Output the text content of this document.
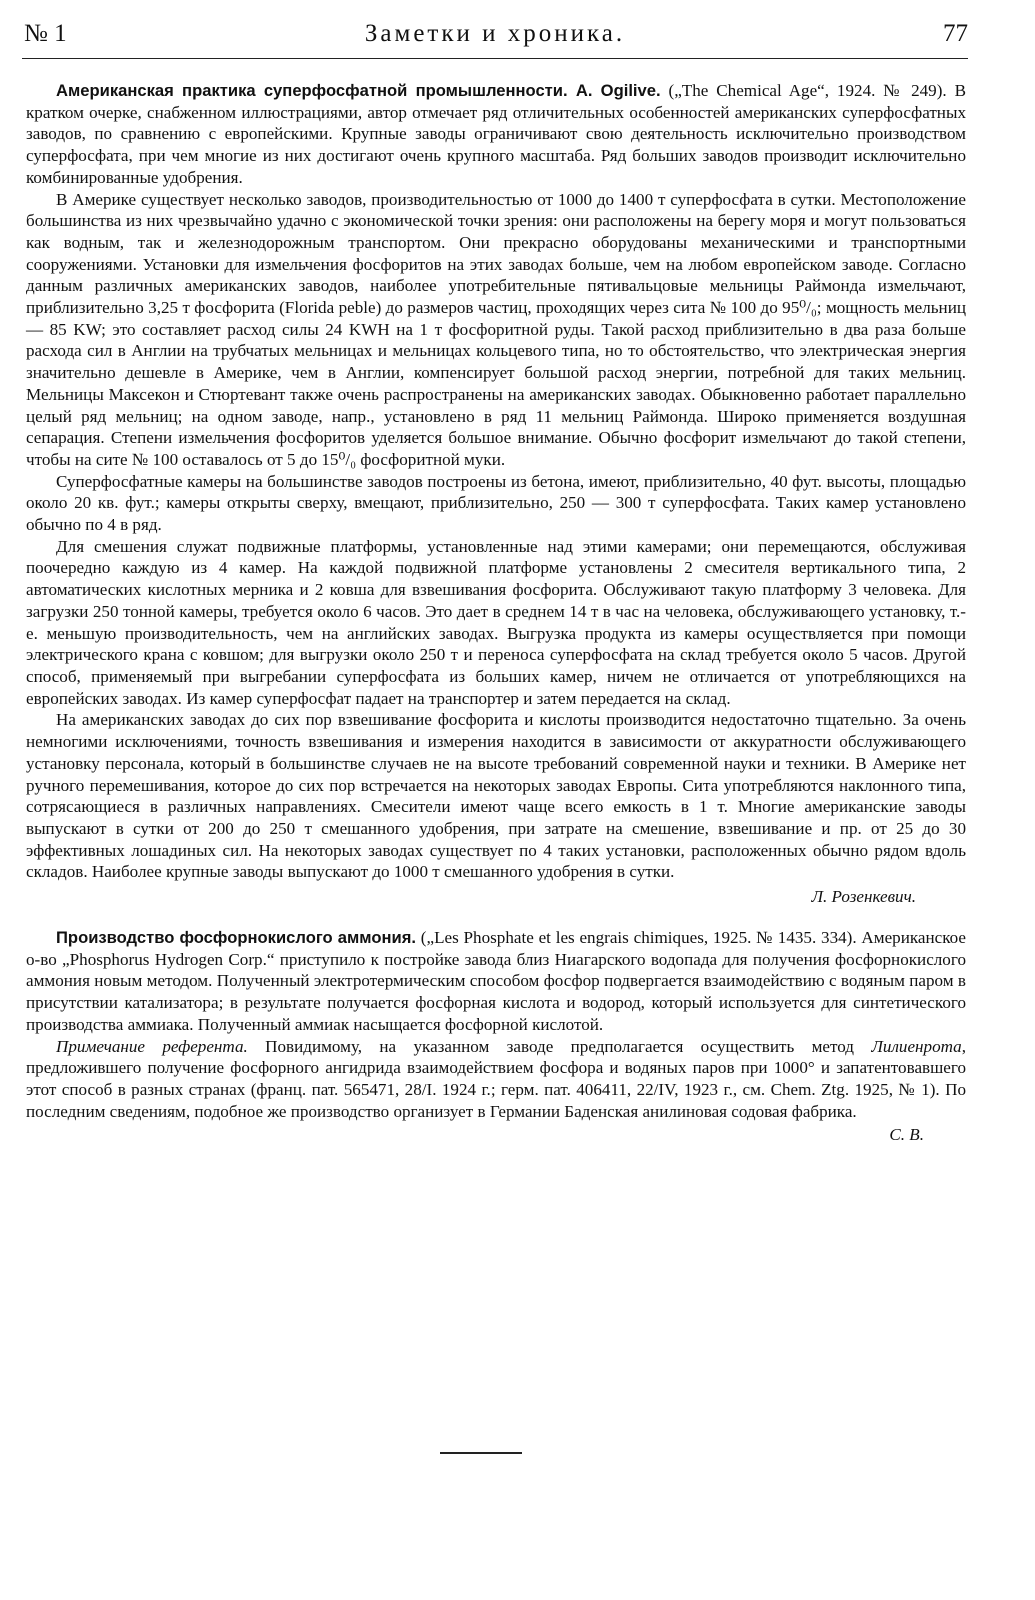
№ 1	Заметки и хроника.	77

Американская практика суперфосфатной промышленности. A. Ogilive. („The Chemical Age“, 1924. № 249). В кратком очерке, снабженном иллюстрациями, автор отмечает ряд отличительных особенностей американских суперфосфатных заводов, по сравнению с европейскими. Крупные заводы ограничивают свою деятельность исключительно производством суперфосфата, при чем многие из них достигают очень крупного масштаба. Ряд больших заводов производит исключительно комбинированные удобрения.

В Америке существует несколько заводов, производительностью от 1000 до 1400 т суперфосфата в сутки. Местоположение большинства из них чрезвычайно удачно с экономической точки зрения: они расположены на берегу моря и могут пользоваться как водным, так и железнодорожным транспортом. Они прекрасно оборудованы механическими и транспортными сооружениями. Установки для измельчения фосфоритов на этих заводах больше, чем на любом европейском заводе. Согласно данным различных американских заводов, наиболее употребительные пятивальцовые мельницы Раймонда измельчают, приблизительно 3,25 т фосфорита (Florida peble) до размеров частиц, проходящих через сита № 100 до 95⁰/₀; мощность мельниц — 85 KW; это составляет расход силы 24 KWH на 1 т фосфоритной руды. Такой расход приблизительно в два раза больше расхода сил в Англии на трубчатых мельницах и мельницах кольцевого типа, но то обстоятельство, что электрическая энергия значительно дешевле в Америке, чем в Англии, компенсирует большой расход энергии, потребной для таких мельниц. Мельницы Максекон и Стюртевант также очень распространены на американских заводах. Обыкновенно работает параллельно целый ряд мельниц; на одном заводе, напр., установлено в ряд 11 мельниц Раймонда. Широко применяется воздушная сепарация. Степени измельчения фосфоритов уделяется большое внимание. Обычно фосфорит измельчают до такой степени, чтобы на сите № 100 оставалось от 5 до 15⁰/₀ фосфоритной муки.

Суперфосфатные камеры на большинстве заводов построены из бетона, имеют, приблизительно, 40 фут. высоты, площадью около 20 кв. фут.; камеры открыты сверху, вмещают, приблизительно, 250 — 300 т суперфосфата. Таких камер установлено обычно по 4 в ряд.

Для смешения служат подвижные платформы, установленные над этими камерами; они перемещаются, обслуживая поочередно каждую из 4 камер. На каждой подвижной платформе установлены 2 смесителя вертикального типа, 2 автоматических кислотных мерника и 2 ковша для взвешивания фосфорита. Обслуживают такую платформу 3 человека. Для загрузки 250 тонной камеры, требуется около 6 часов. Это дает в среднем 14 т в час на человека, обслуживающего установку, т.-е. меньшую производительность, чем на английских заводах. Выгрузка продукта из камеры осуществляется при помощи электрического крана с ковшом; для выгрузки около 250 т и переноса суперфосфата на склад требуется около 5 часов. Другой способ, применяемый при выгребании суперфосфата из больших камер, ничем не отличается от употребляющихся на европейских заводах. Из камер суперфосфат падает на транспортер и затем передается на склад.

На американских заводах до сих пор взвешивание фосфорита и кислоты производится недостаточно тщательно. За очень немногими исключениями, точность взвешивания и измерения находится в зависимости от аккуратности обслуживающего установку персонала, который в большинстве случаев не на высоте требований современной науки и техники. В Америке нет ручного перемешивания, которое до сих пор встречается на некоторых заводах Европы. Сита употребляются наклонного типа, сотрясающиеся в различных направлениях. Смесители имеют чаще всего емкость в 1 т. Многие американские заводы выпускают в сутки от 200 до 250 т смешанного удобрения, при затрате на смешение, взвешивание и пр. от 25 до 30 эффективных лошадиных сил. На некоторых заводах существует по 4 таких установки, расположенных обычно рядом вдоль складов. Наиболее крупные заводы выпускают до 1000 т смешанного удобрения в сутки.

Л. Розенкевич.

Производство фосфорнокислого аммония. („Les Phosphate et les engrais chimiques, 1925. № 1435. 334). Американское о-во „Phosphorus Hydrogen Corp.“ приступило к постройке завода близ Ниагарского водопада для получения фосфорнокислого аммония новым методом. Полученный электротермическим способом фосфор подвергается взаимодействию с водяным паром в присутствии катализатора; в результате получается фосфорная кислота и водород, который используется для синтетического производства аммиака. Полученный аммиак насыщается фосфорной кислотой.

Примечание референта. Повидимому, на указанном заводе предполагается осуществить метод Лилиенрота, предложившего получение фосфорного ангидрида взаимодействием фосфора и водяных паров при 1000° и запатентовавшего этот способ в разных странах (франц. пат. 565471, 28/I. 1924 г.; герм. пат. 406411, 22/IV, 1923 г., см. Chem. Ztg. 1925, № 1). По последним сведениям, подобное же производство организует в Германии Баденская анилиновая содовая фабрика.

С. В.
